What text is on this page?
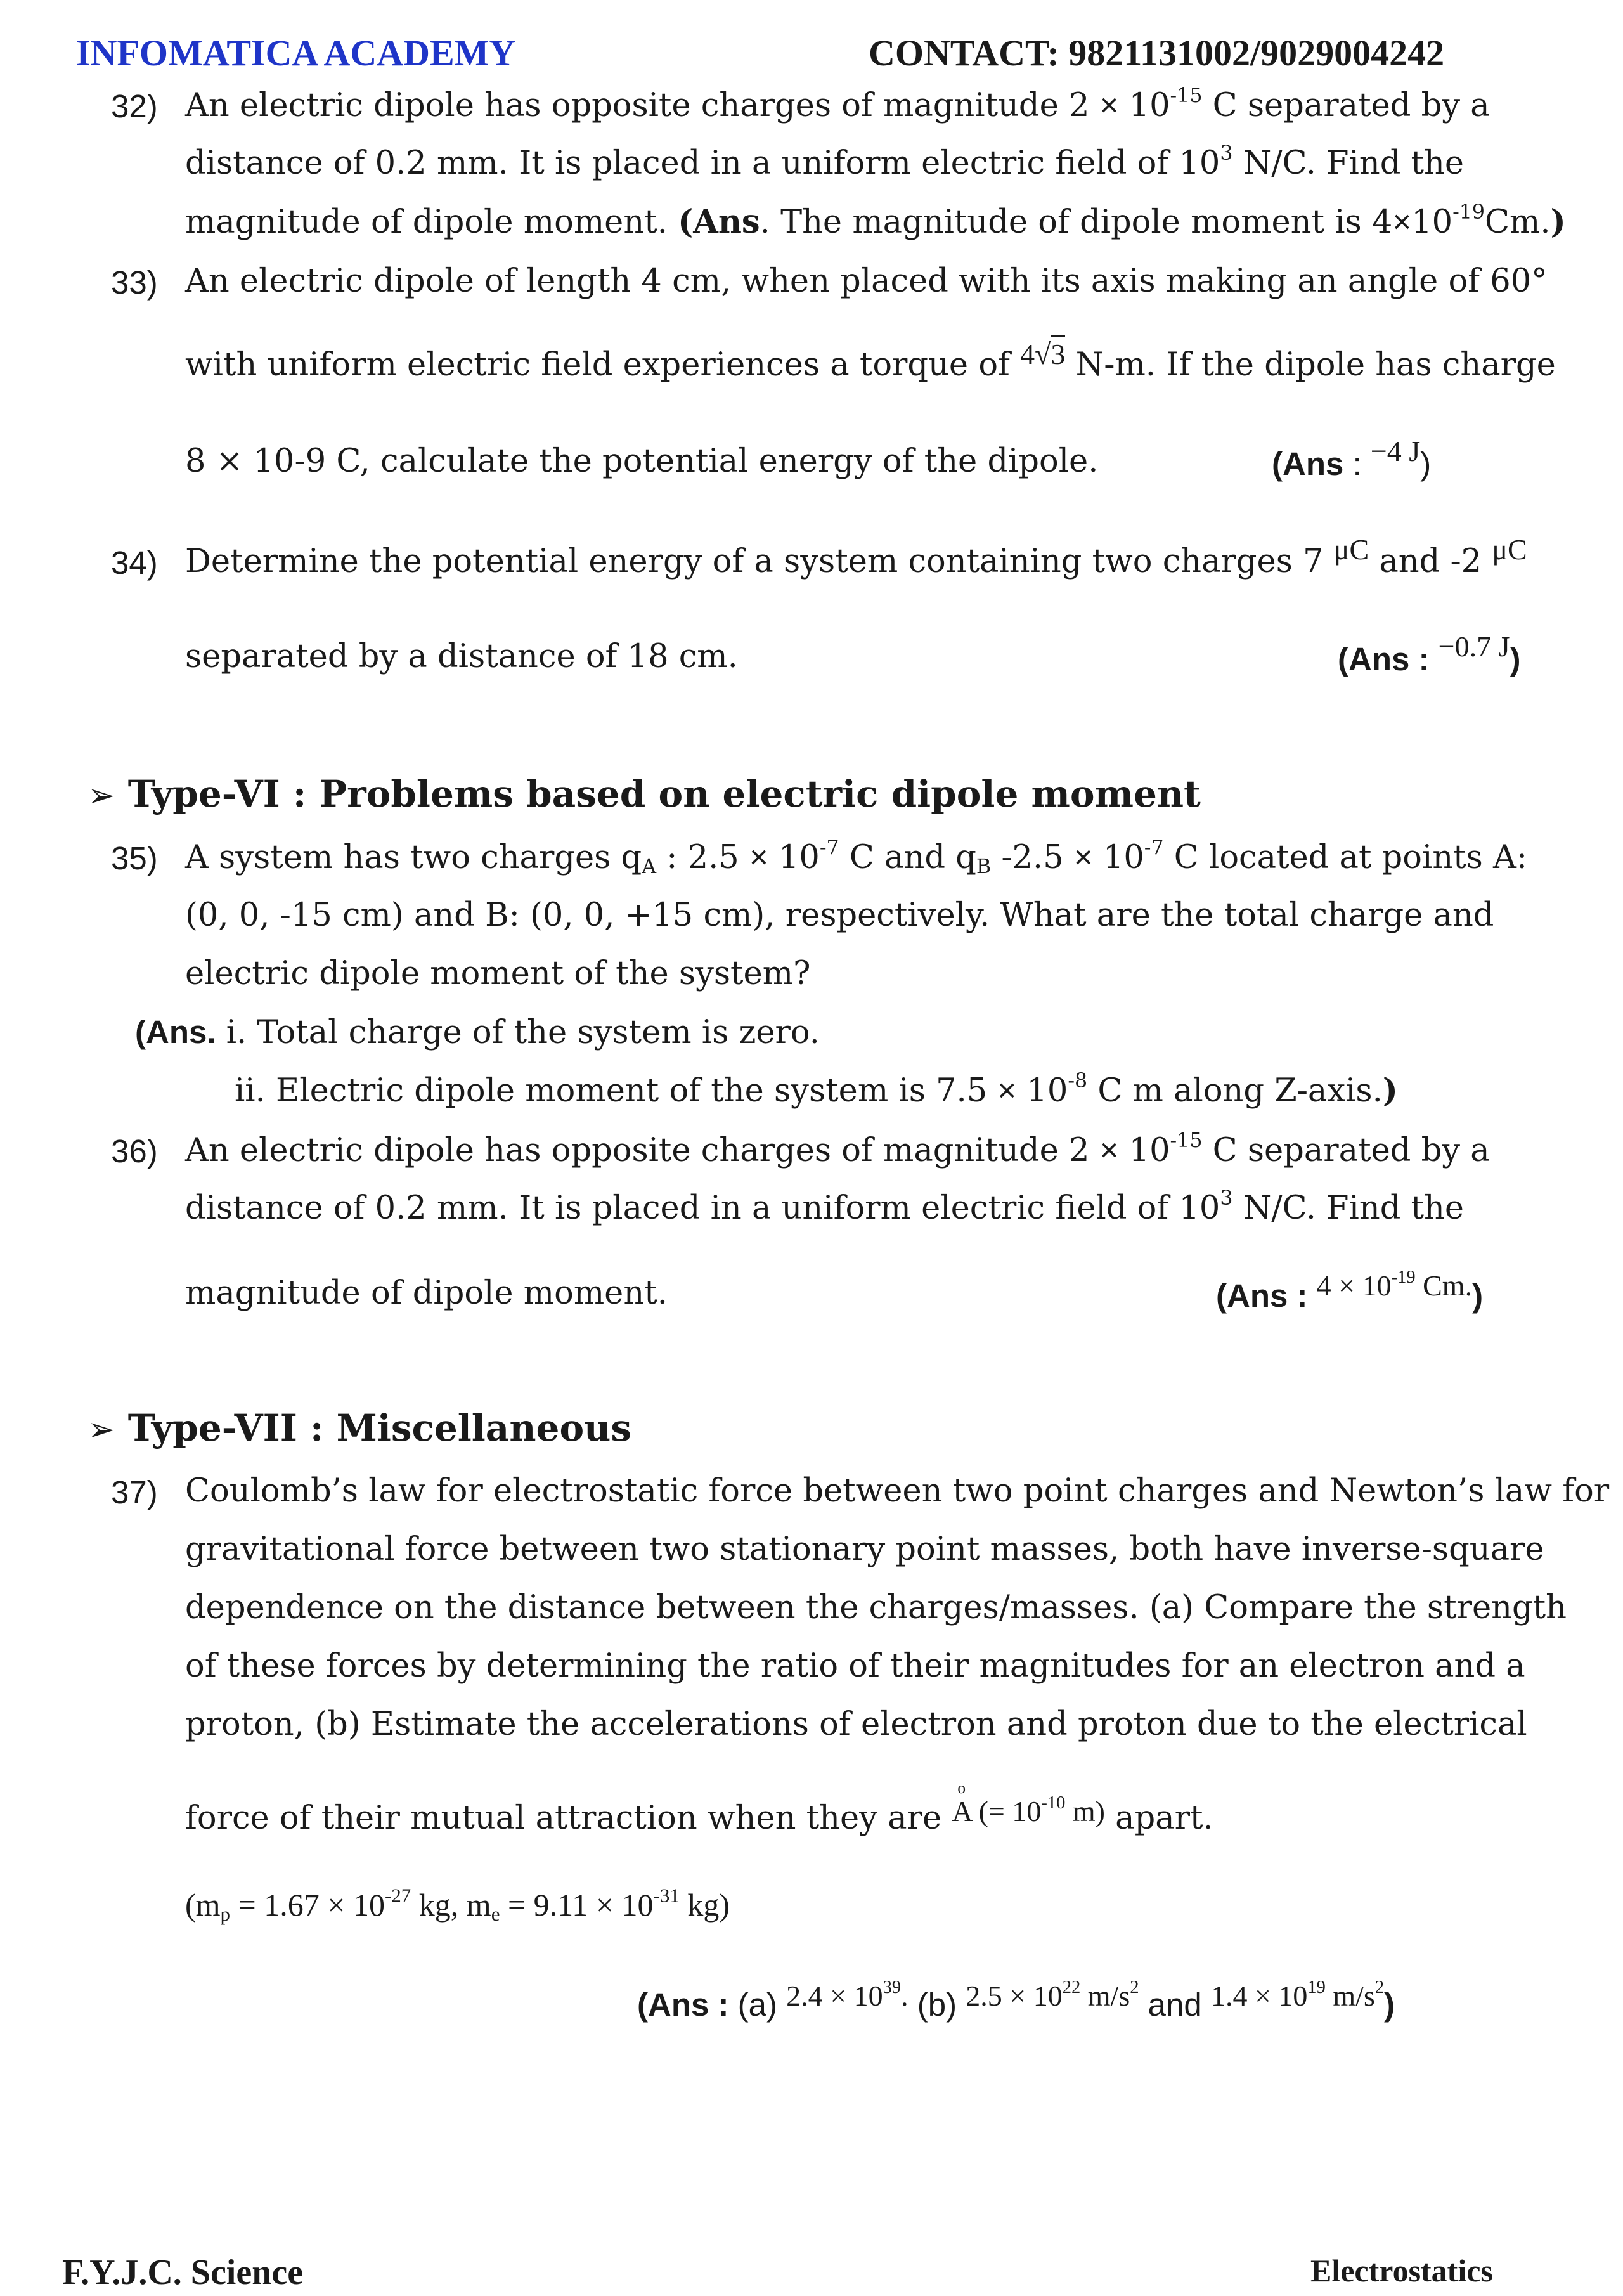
INFOMATICA ACADEMY	CONTACT: 9821131002/9029004242
32) An electric dipole has opposite charges of magnitude $2 \times 10^{-15}$ C separated by a
distance of 0.2 mm. It is placed in a uniform electric field of $10^3$ N/C. Find the
magnitude of dipole moment. (Ans. The magnitude of dipole moment is $4\times 10^{-19}Cm$.)
33) An electric dipole of length 4 cm, when placed with its axis making an angle of 60°
with uniform electric field experiences a torque of 4√3 N-m. If the dipole has charge
8 × 10-9 C, calculate the potential energy of the dipole.	(Ans : −4 J)
34) Determine the potential energy of a system containing two charges 7 μC and -2 μC
separated by a distance of 18 cm.	(Ans : −0.7 J)
➢ Type-VI : Problems based on electric dipole moment
35) A system has two charges $q_A$ : $2.5 \times 10^{-7}$ C and $q_B$ $-2.5 \times 10^{-7}$ C located at points A:
(0, 0, -15 cm) and B: (0, 0, +15 cm), respectively. What are the total charge and
electric dipole moment of the system?
(Ans. i. Total charge of the system is zero.
ii. Electric dipole moment of the system is $7.5 \times 10^{-8}$ C m along Z-axis.)
36) An electric dipole has opposite charges of magnitude $2 \times 10^{-15}$ C separated by a
distance of 0.2 mm. It is placed in a uniform electric field of $10^3$ N/C. Find the
magnitude of dipole moment.	(Ans : $4 \times 10^{-19}$ Cm.)
➢ Type-VII : Miscellaneous
37) Coulomb’s law for electrostatic force between two point charges and Newton’s law for
gravitational force between two stationary point masses, both have inverse-square
dependence on the distance between the charges/masses. (a) Compare the strength
of these forces by determining the ratio of their magnitudes for an electron and a
proton, (b) Estimate the accelerations of electron and proton due to the electrical
force of their mutual attraction when they are
o
A (= $10^{-10}$ m) apart.
($m_p = 1.67 \times 10^{-27}$ kg, $m_e = 9.11 \times 10^{-31}$ kg)
(Ans : (a) $2.4 \times 10^{39}$. (b) $2.5 \times 10^{22}$ $m/s^2$ and $1.4 \times 10^{19}$ $m/s^2$)
F.Y.J.C. Science	Electrostatics
